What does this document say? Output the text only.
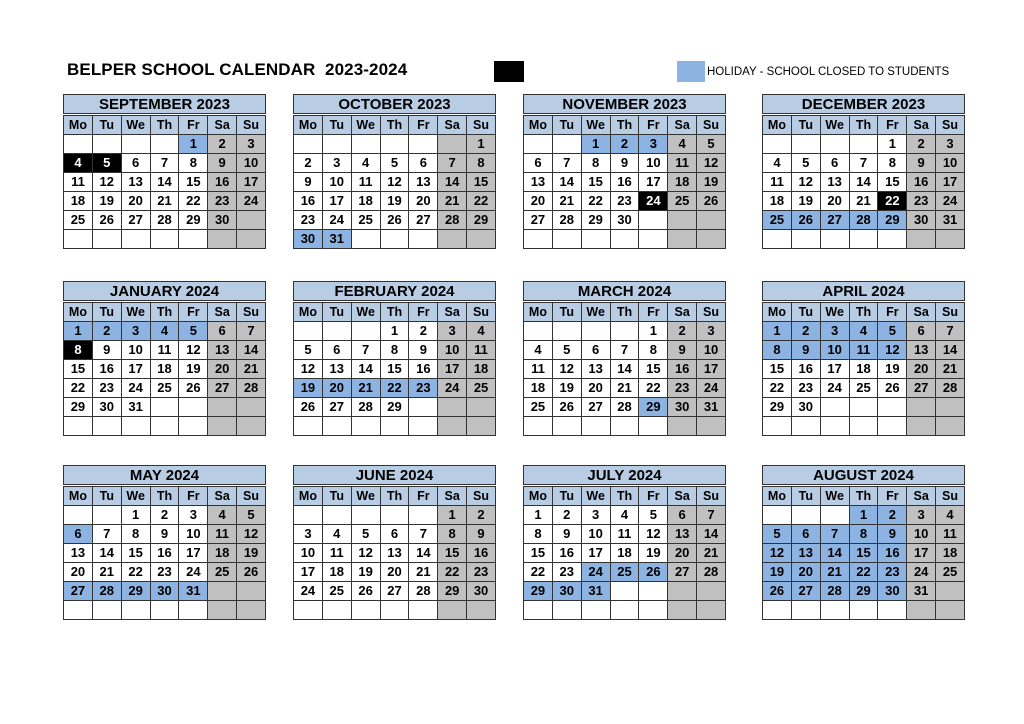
BELPER SCHOOL CALENDAR  2023-2024	HOLIDAY - SCHOOL CLOSED TO STUDENTS
SEPTEMBER 2023
Mo	Tu	We	Th	Fr	Sa	Su
				1	2	3
4	5	6	7	8	9	10
11	12	13	14	15	16	17
18	19	20	21	22	23	24
25	26	27	28	29	30	

OCTOBER 2023
Mo	Tu	We	Th	Fr	Sa	Su
						1
2	3	4	5	6	7	8
9	10	11	12	13	14	15
16	17	18	19	20	21	22
23	24	25	26	27	28	29
30	31					
NOVEMBER 2023
Mo	Tu	We	Th	Fr	Sa	Su
		1	2	3	4	5
6	7	8	9	10	11	12
13	14	15	16	17	18	19
20	21	22	23	24	25	26
27	28	29	30			

DECEMBER 2023
Mo	Tu	We	Th	Fr	Sa	Su
				1	2	3
4	5	6	7	8	9	10
11	12	13	14	15	16	17
18	19	20	21	22	23	24
25	26	27	28	29	30	31

JANUARY 2024
Mo	Tu	We	Th	Fr	Sa	Su
1	2	3	4	5	6	7
8	9	10	11	12	13	14
15	16	17	18	19	20	21
22	23	24	25	26	27	28
29	30	31				

FEBRUARY 2024
Mo	Tu	We	Th	Fr	Sa	Su
			1	2	3	4
5	6	7	8	9	10	11
12	13	14	15	16	17	18
19	20	21	22	23	24	25
26	27	28	29			

MARCH 2024
Mo	Tu	We	Th	Fr	Sa	Su
				1	2	3
4	5	6	7	8	9	10
11	12	13	14	15	16	17
18	19	20	21	22	23	24
25	26	27	28	29	30	31

APRIL 2024
Mo	Tu	We	Th	Fr	Sa	Su
1	2	3	4	5	6	7
8	9	10	11	12	13	14
15	16	17	18	19	20	21
22	23	24	25	26	27	28
29	30					

MAY 2024
Mo	Tu	We	Th	Fr	Sa	Su
		1	2	3	4	5
6	7	8	9	10	11	12
13	14	15	16	17	18	19
20	21	22	23	24	25	26
27	28	29	30	31		

JUNE 2024
Mo	Tu	We	Th	Fr	Sa	Su
					1	2
3	4	5	6	7	8	9
10	11	12	13	14	15	16
17	18	19	20	21	22	23
24	25	26	27	28	29	30

JULY 2024
Mo	Tu	We	Th	Fr	Sa	Su
1	2	3	4	5	6	7
8	9	10	11	12	13	14
15	16	17	18	19	20	21
22	23	24	25	26	27	28
29	30	31				

AUGUST 2024
Mo	Tu	We	Th	Fr	Sa	Su
			1	2	3	4
5	6	7	8	9	10	11
12	13	14	15	16	17	18
19	20	21	22	23	24	25
26	27	28	29	30	31	
